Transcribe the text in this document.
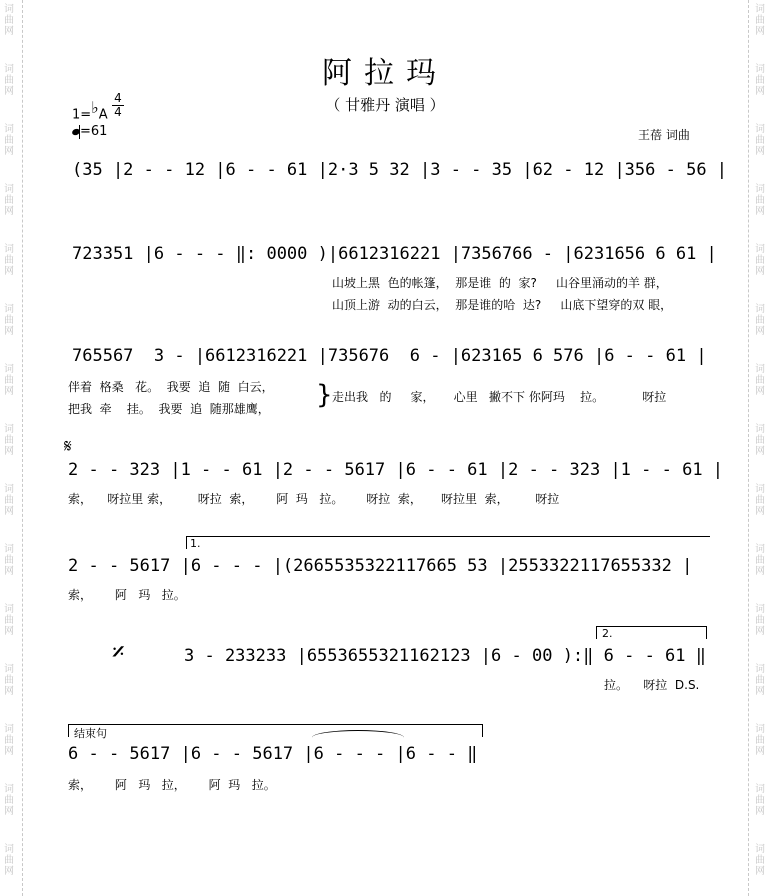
词
曲
网
词
曲
网
词
曲
网
词
曲
网
词
曲
网
词
曲
网
词
曲
网
词
曲
网
词
曲
网
词
曲
网
词
曲
网
词
曲
网
词
曲
网
词
曲
网
词
曲
网
词
曲
网
词
曲
网
词
曲
网
词
曲
网
词
曲
网
词
曲
网
词
曲
网
词
曲
网
词
曲
网
词
曲
网
词
曲
网
词
曲
网
词
曲
网
词
曲
网
词
曲
网
阿拉玛
（ 甘雅丹 演唱 ）
王蓓 词曲
1=♭A
4
4
=61
(35 |2 - - 12 |6 - - 61 |2·3 5 32 |3 - - 35 |62 - 12 |356 - 56 |
723351 |6 - - - ‖: 0000 )|6612316221 |7356766 - |6231656 6 61 |
山坡上黑  色的帐篷，  那是谁  的  家?     山谷里涌动的羊 群，
山顶上游  动的白云，  那是谁的哈  达?     山底下望穿的双 眼，
765567  3 - |6612316221 |735676  6 - |623165 6 576 |6 - - 61 |
伴着  格桑   花。  我要  追  随  白云，
把我  牵    挂。  我要  追  随那雄鹰， } 走出我   的     家，     心里   撇不下 你阿玛    拉。          呀拉
𝄋
2 - - 323 |1 - - 61 |2 - - 5617 |6 - - 61 |2 - - 323 |1 - - 61 |
索，    呀拉里 索，       呀拉  索，      阿  玛   拉。      呀拉  索，     呀拉里  索，       呀拉
1.
2 - - 5617 |6 - - - |(2665535322117665 53 |2553322117655332 |
索，      阿   玛   拉。
𝄎
2.
3 - 233233 |6553655321162123 |6 - 00 ):‖ 6 - - 61 ‖
拉。    呀拉  D.S.
结束句
6 - - 5617 |6 - - 5617 |6 - - - |6 - - ‖
索，      阿   玛   拉，      阿  玛   拉。
